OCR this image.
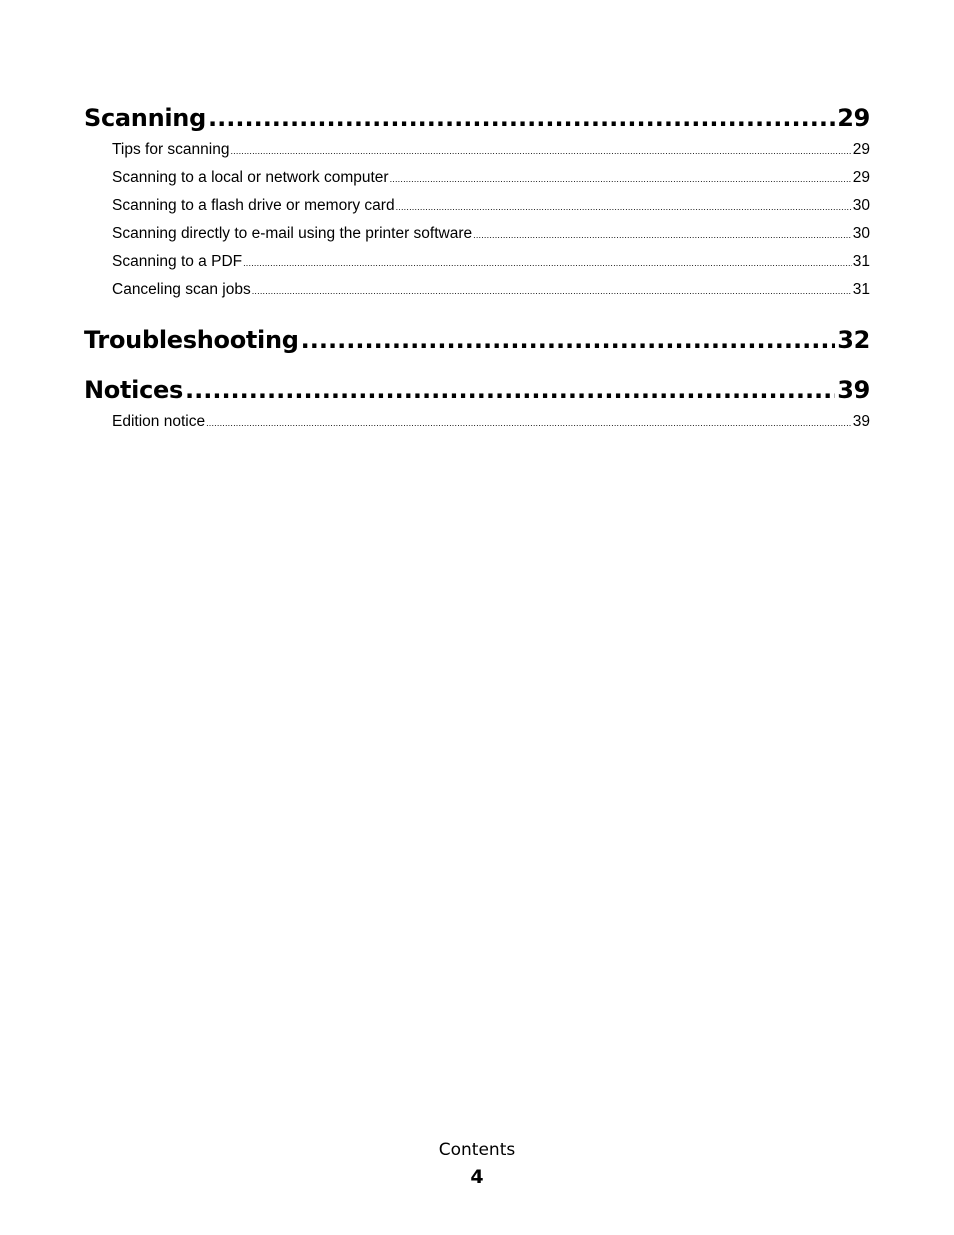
Scanning .....	29
Tips for scanning .....	29
Scanning to a local or network computer .....	29
Scanning to a flash drive or memory card .....	30
Scanning directly to e-mail using the printer software .....	30
Scanning to a PDF .....	31
Canceling scan jobs .....	31
Troubleshooting .....	32
Notices .....	39
Edition notice .....	39
Contents
4
